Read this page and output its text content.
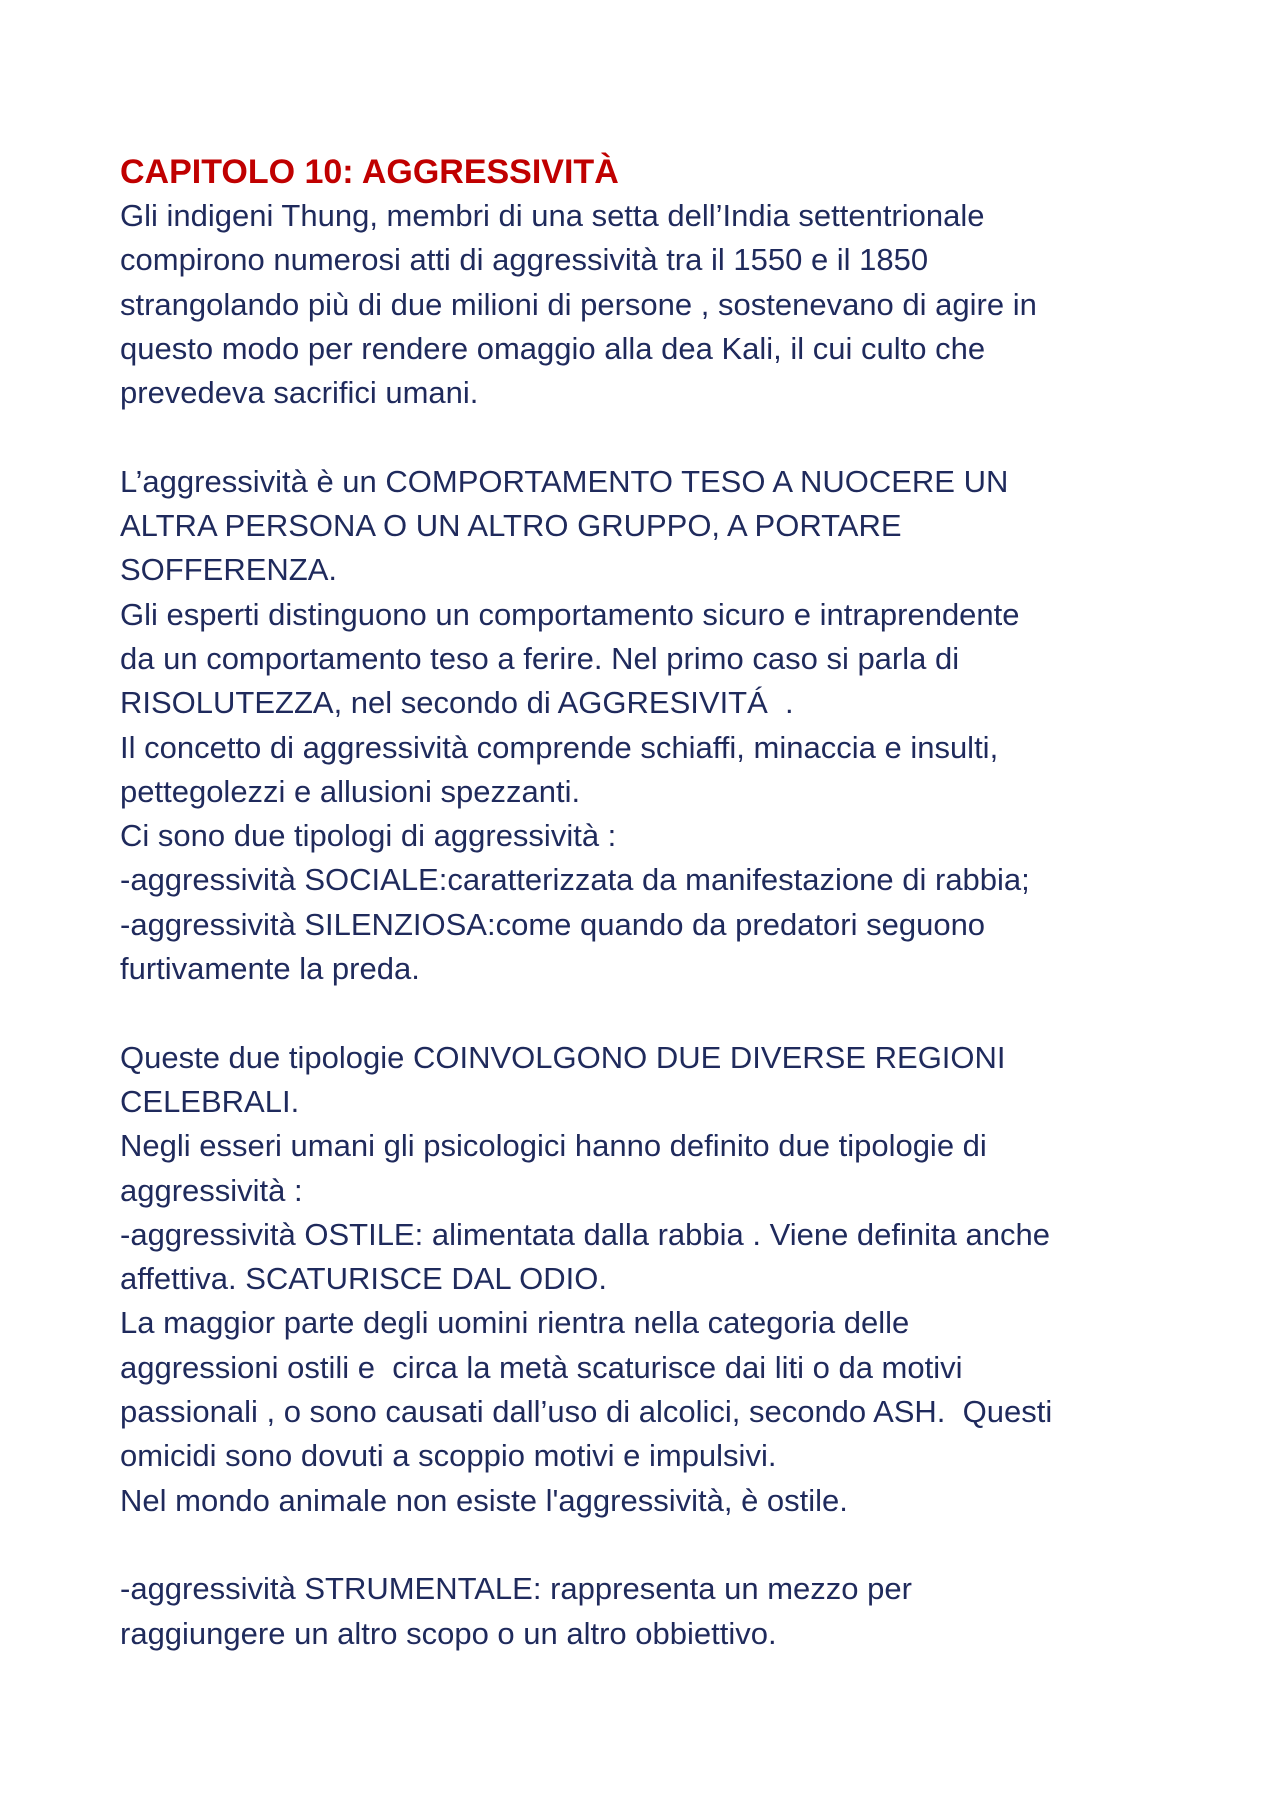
CAPITOLO 10: AGGRESSIVITÀ

Gli indigeni Thung, membri di una setta dell’India settentrionale

compirono numerosi atti di aggressività tra il 1550 e il 1850

strangolando più di due milioni di persone , sostenevano di agire in

questo modo per rendere omaggio alla dea Kali, il cui culto che

prevedeva sacrifici umani.

L’aggressività è un COMPORTAMENTO TESO A NUOCERE UN

ALTRA PERSONA O UN ALTRO GRUPPO, A PORTARE

SOFFERENZA.

Gli esperti distinguono un comportamento sicuro e intraprendente

da un comportamento teso a ferire. Nel primo caso si parla di

RISOLUTEZZA, nel secondo di AGGRESIVITÁ  .

Il concetto di aggressività comprende schiaffi, minaccia e insulti,

pettegolezzi e allusioni spezzanti.

Ci sono due tipologi di aggressività :

-aggressività SOCIALE:caratterizzata da manifestazione di rabbia;

-aggressività SILENZIOSA:come quando da predatori seguono

furtivamente la preda.

Queste due tipologie COINVOLGONO DUE DIVERSE REGIONI

CELEBRALI.

Negli esseri umani gli psicologici hanno definito due tipologie di

aggressività :

-aggressività OSTILE: alimentata dalla rabbia . Viene definita anche

affettiva. SCATURISCE DAL ODIO.

La maggior parte degli uomini rientra nella categoria delle

aggressioni ostili e  circa la metà scaturisce dai liti o da motivi

passionali , o sono causati dall’uso di alcolici, secondo ASH.  Questi

omicidi sono dovuti a scoppio motivi e impulsivi.

Nel mondo animale non esiste l'aggressività, è ostile.

-aggressività STRUMENTALE: rappresenta un mezzo per

raggiungere un altro scopo o un altro obbiettivo.
